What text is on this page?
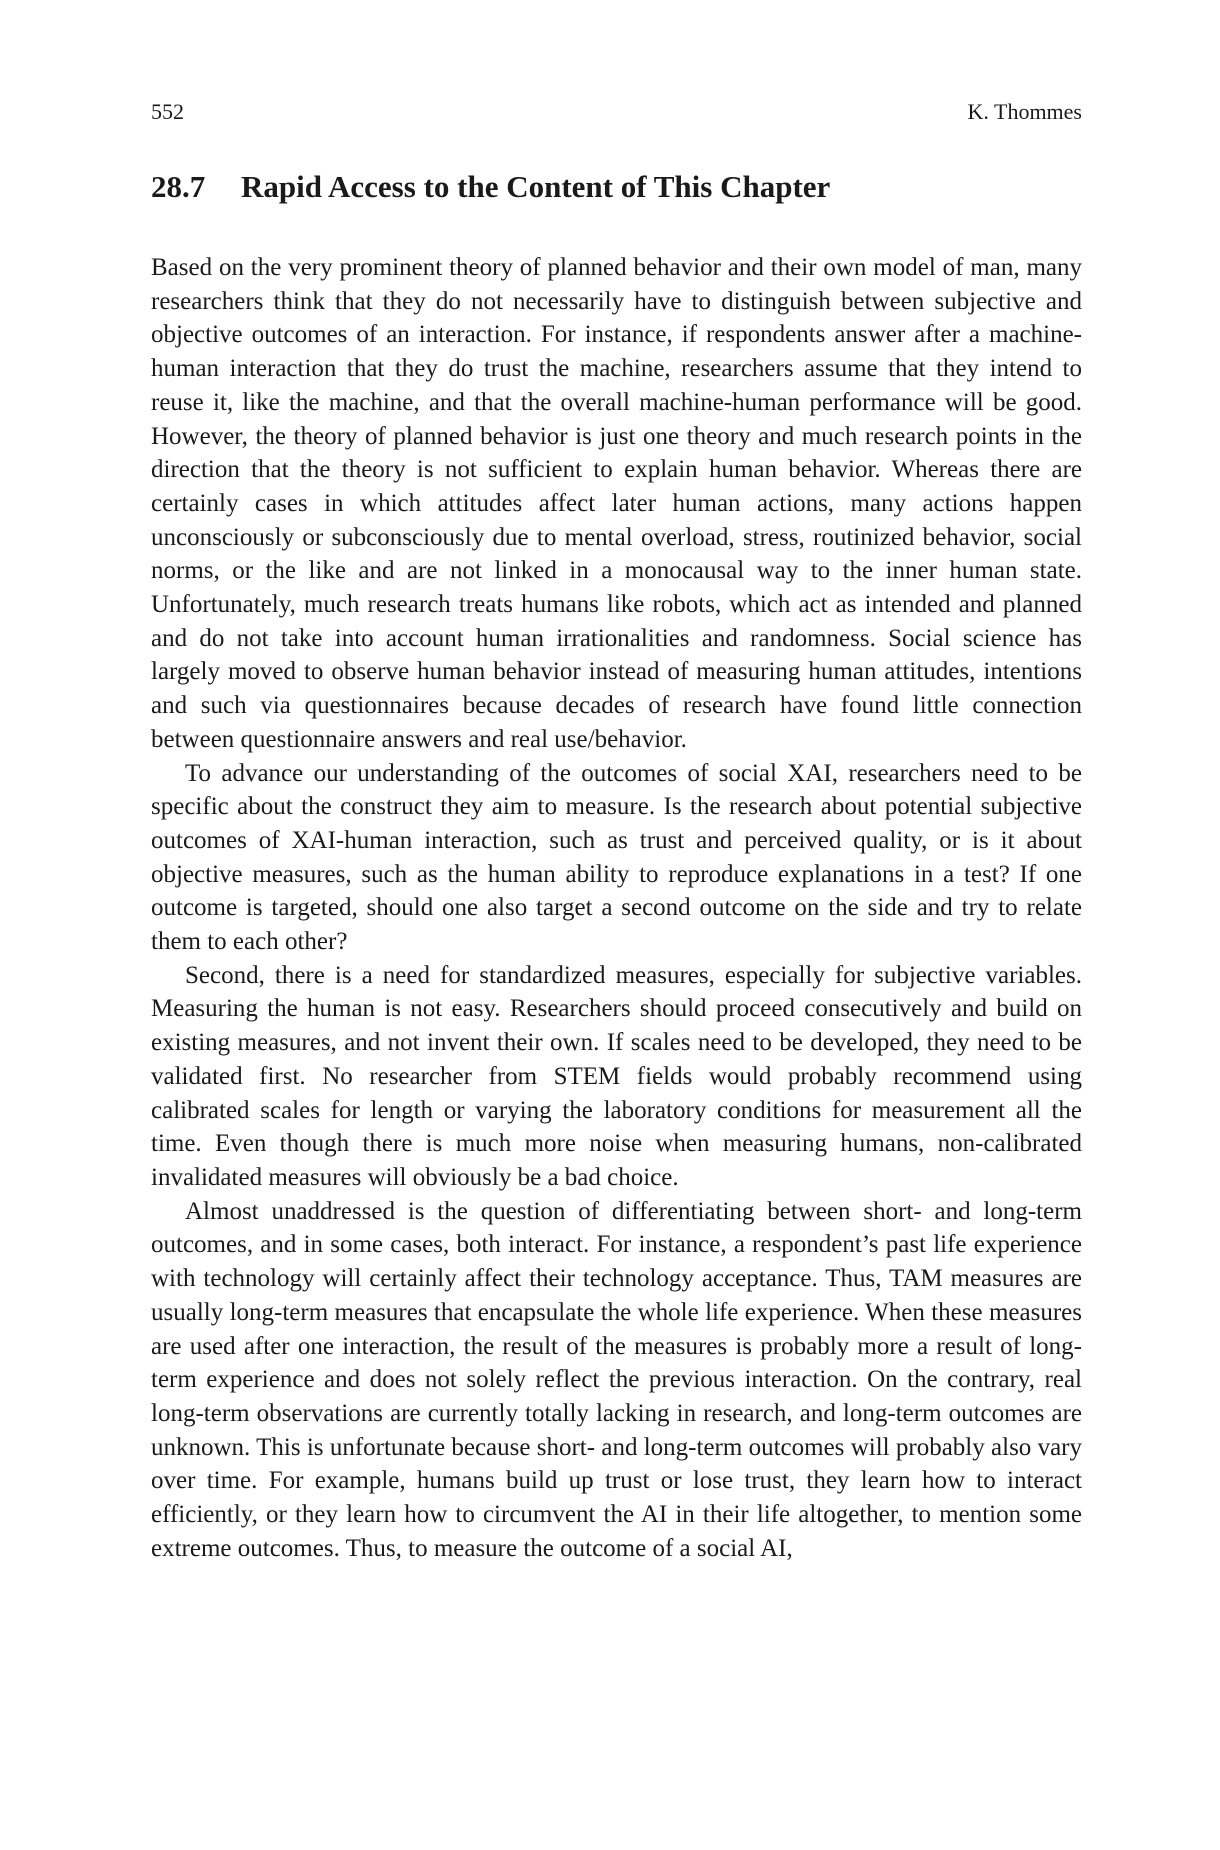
552	K. Thommes
28.7 Rapid Access to the Content of This Chapter

Based on the very prominent theory of planned behavior and their own model of man, many researchers think that they do not necessarily have to distinguish between subjective and objective outcomes of an interaction. For instance, if respondents answer after a machine-human interaction that they do trust the machine, researchers assume that they intend to reuse it, like the machine, and that the overall machine-human performance will be good. However, the theory of planned behavior is just one theory and much research points in the direction that the theory is not sufficient to explain human behavior. Whereas there are certainly cases in which attitudes affect later human actions, many actions happen unconsciously or subconsciously due to mental overload, stress, routinized behavior, social norms, or the like and are not linked in a monocausal way to the inner human state. Unfortunately, much research treats humans like robots, which act as intended and planned and do not take into account human irrationalities and randomness. Social science has largely moved to observe human behavior instead of measuring human attitudes, intentions and such via questionnaires because decades of research have found little connection between questionnaire answers and real use/behavior.

To advance our understanding of the outcomes of social XAI, researchers need to be specific about the construct they aim to measure. Is the research about potential subjective outcomes of XAI-human interaction, such as trust and perceived quality, or is it about objective measures, such as the human ability to reproduce explanations in a test? If one outcome is targeted, should one also target a second outcome on the side and try to relate them to each other?

Second, there is a need for standardized measures, especially for subjective variables. Measuring the human is not easy. Researchers should proceed consecutively and build on existing measures, and not invent their own. If scales need to be developed, they need to be validated first. No researcher from STEM fields would probably recommend using calibrated scales for length or varying the laboratory conditions for measurement all the time. Even though there is much more noise when measuring humans, non-calibrated invalidated measures will obviously be a bad choice.

Almost unaddressed is the question of differentiating between short- and long-term outcomes, and in some cases, both interact. For instance, a respondent’s past life experience with technology will certainly affect their technology acceptance. Thus, TAM measures are usually long-term measures that encapsulate the whole life experience. When these measures are used after one interaction, the result of the measures is probably more a result of long-term experience and does not solely reflect the previous interaction. On the contrary, real long-term observations are currently totally lacking in research, and long-term outcomes are unknown. This is unfortunate because short- and long-term outcomes will probably also vary over time. For example, humans build up trust or lose trust, they learn how to interact efficiently, or they learn how to circumvent the AI in their life altogether, to mention some extreme outcomes. Thus, to measure the outcome of a social AI,
